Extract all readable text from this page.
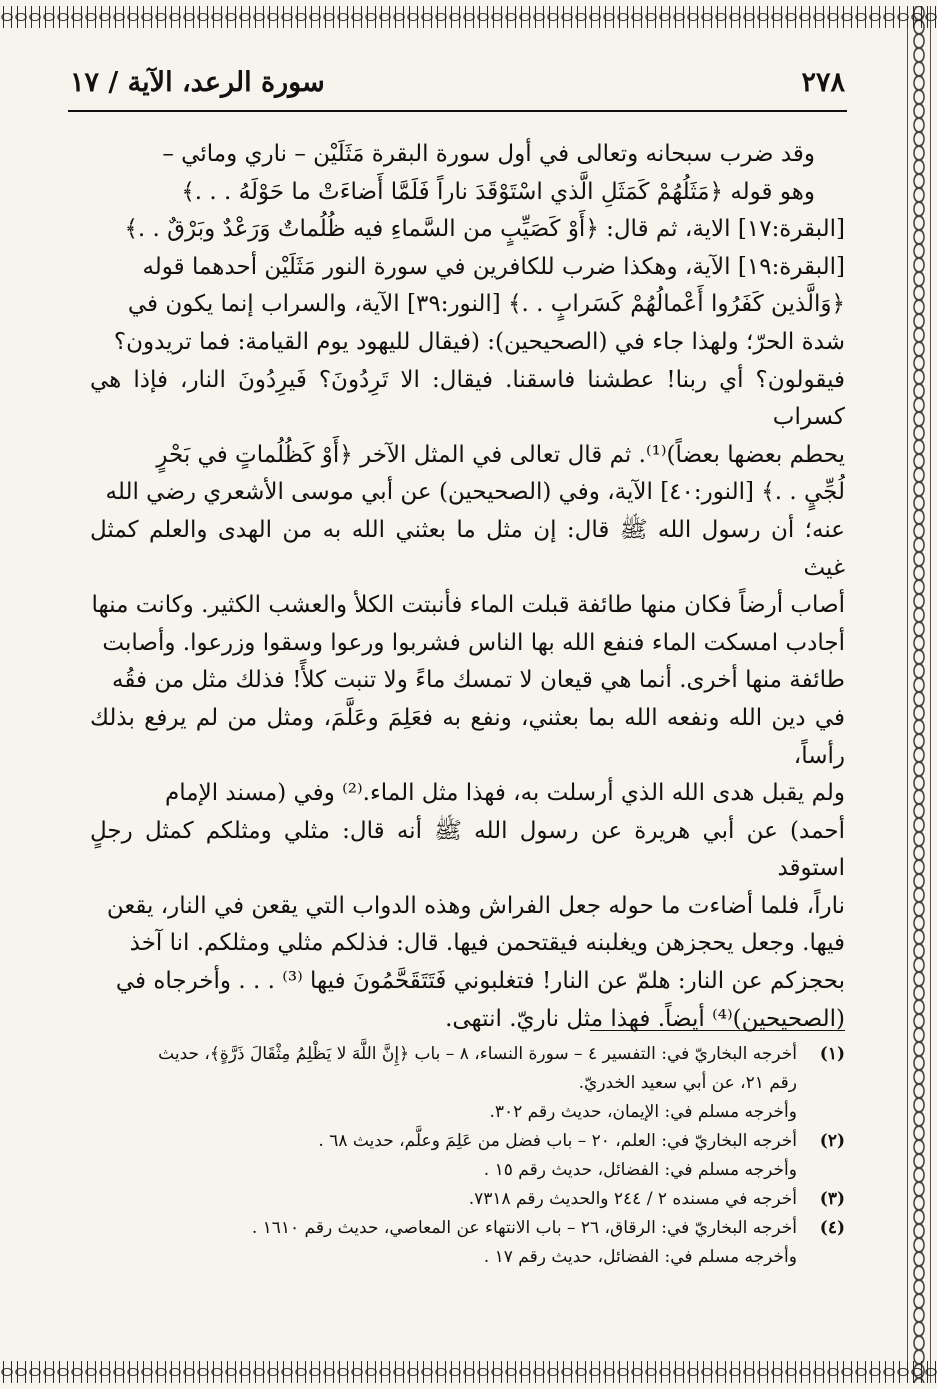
٢٧٨
سورة الرعد، الآية / ١٧

وقد ضرب سبحانه وتعالى في أول سورة البقرة مَثَلَيْن – ناري ومائي –

وهو قوله ﴿مَثَلُهُمْ كَمَثَلِ الَّذي اسْتَوْقَدَ ناراً فَلَمَّا أَضاءَتْ ما حَوْلَهُ . . .﴾

[البقرة:١٧] الاية، ثم قال: ﴿أَوْ كَصَيِّبٍ من السَّماءِ فيه ظُلُماتٌ وَرَعْدٌ وبَرْقٌ . .﴾

[البقرة:١٩] الآية، وهكذا ضرب للكافرين في سورة النور مَثَلَيْن أحدهما قوله

﴿وَالَّذين كَفَرُوا أَعْمالُهُمْ كَسَرابٍ . .﴾ [النور:٣٩] الآية، والسراب إنما يكون في

شدة الحرّ؛ ولهذا جاء في (الصحيحين): (فيقال لليهود يوم القيامة: فما تريدون؟

فيقولون؟ أي ربنا! عطشنا فاسقنا. فيقال: الا تَرِدُونَ؟ فَيرِدُونَ النار، فإذا هي كسراب

يحطم بعضها بعضاً)⁽¹⁾. ثم قال تعالى في المثل الآخر ﴿أَوْ كَظُلُماتٍ في بَحْرٍ

لُجِّيٍ . .﴾ [النور:٤٠] الآية، وفي (الصحيحين) عن أبي موسى الأشعري رضي الله

عنه؛ أن رسول الله ﷺ قال: إن مثل ما بعثني الله به من الهدى والعلم كمثل غيث

أصاب أرضاً فكان منها طائفة قبلت الماء فأنبتت الكلأ والعشب الكثير. وكانت منها

أجادب امسكت الماء فنفع الله بها الناس فشربوا ورعوا وسقوا وزرعوا. وأصابت

طائفة منها أخرى. أنما هي قيعان لا تمسك ماءً ولا تنبت كلأً! فذلك مثل من فقُه

في دين الله ونفعه الله بما بعثني، ونفع به فعَلِمَ وعَلَّمَ، ومثل من لم يرفع بذلك رأساً،

ولم يقبل هدى الله الذي أرسلت به، فهذا مثل الماء.⁽²⁾ وفي (مسند الإمام

أحمد) عن أبي هريرة عن رسول الله ﷺ أنه قال: مثلي ومثلكم كمثل رجلٍ استوقد

ناراً، فلما أضاءت ما حوله جعل الفراش وهذه الدواب التي يقعن في النار، يقعن

فيها. وجعل يحجزهن ويغلبنه فيقتحمن فيها. قال: فذلكم مثلي ومثلكم. انا آخذ

بحجزكم عن النار: هلمّ عن النار! فتغلبوني فَتَتَقَحَّمُونَ فيها ⁽³⁾ . . . وأخرجاه في

(الصحيحين)⁽⁴⁾ أيضاً. فهذا مثل ناريّ. انتهى.

(١)
أخرجه البخاريّ في: التفسير ٤ – سورة النساء، ٨ – باب ﴿إِنَّ اللَّهَ لا يَظْلِمُ مِثْقَالَ ذَرَّةٍ﴾، حديث
رقم ٢١، عن أبي سعيد الخدريّ.
وأخرجه مسلم في: الإيمان، حديث رقم ٣٠٢.
(٢)
أخرجه البخاريّ في: العلم، ٢٠ – باب فضل من عَلِمَ وعلَّم، حديث ٦٨ .
وأخرجه مسلم في: الفضائل، حديث رقم ١٥ .
(٣)
أخرجه في مسنده ٢ / ٢٤٤ والحديث رقم ٧٣١٨.
(٤)
أخرجه البخاريّ في: الرقاق، ٢٦ – باب الانتهاء عن المعاصي، حديث رقم ١٦١٠ .
وأخرجه مسلم في: الفضائل، حديث رقم ١٧ .
